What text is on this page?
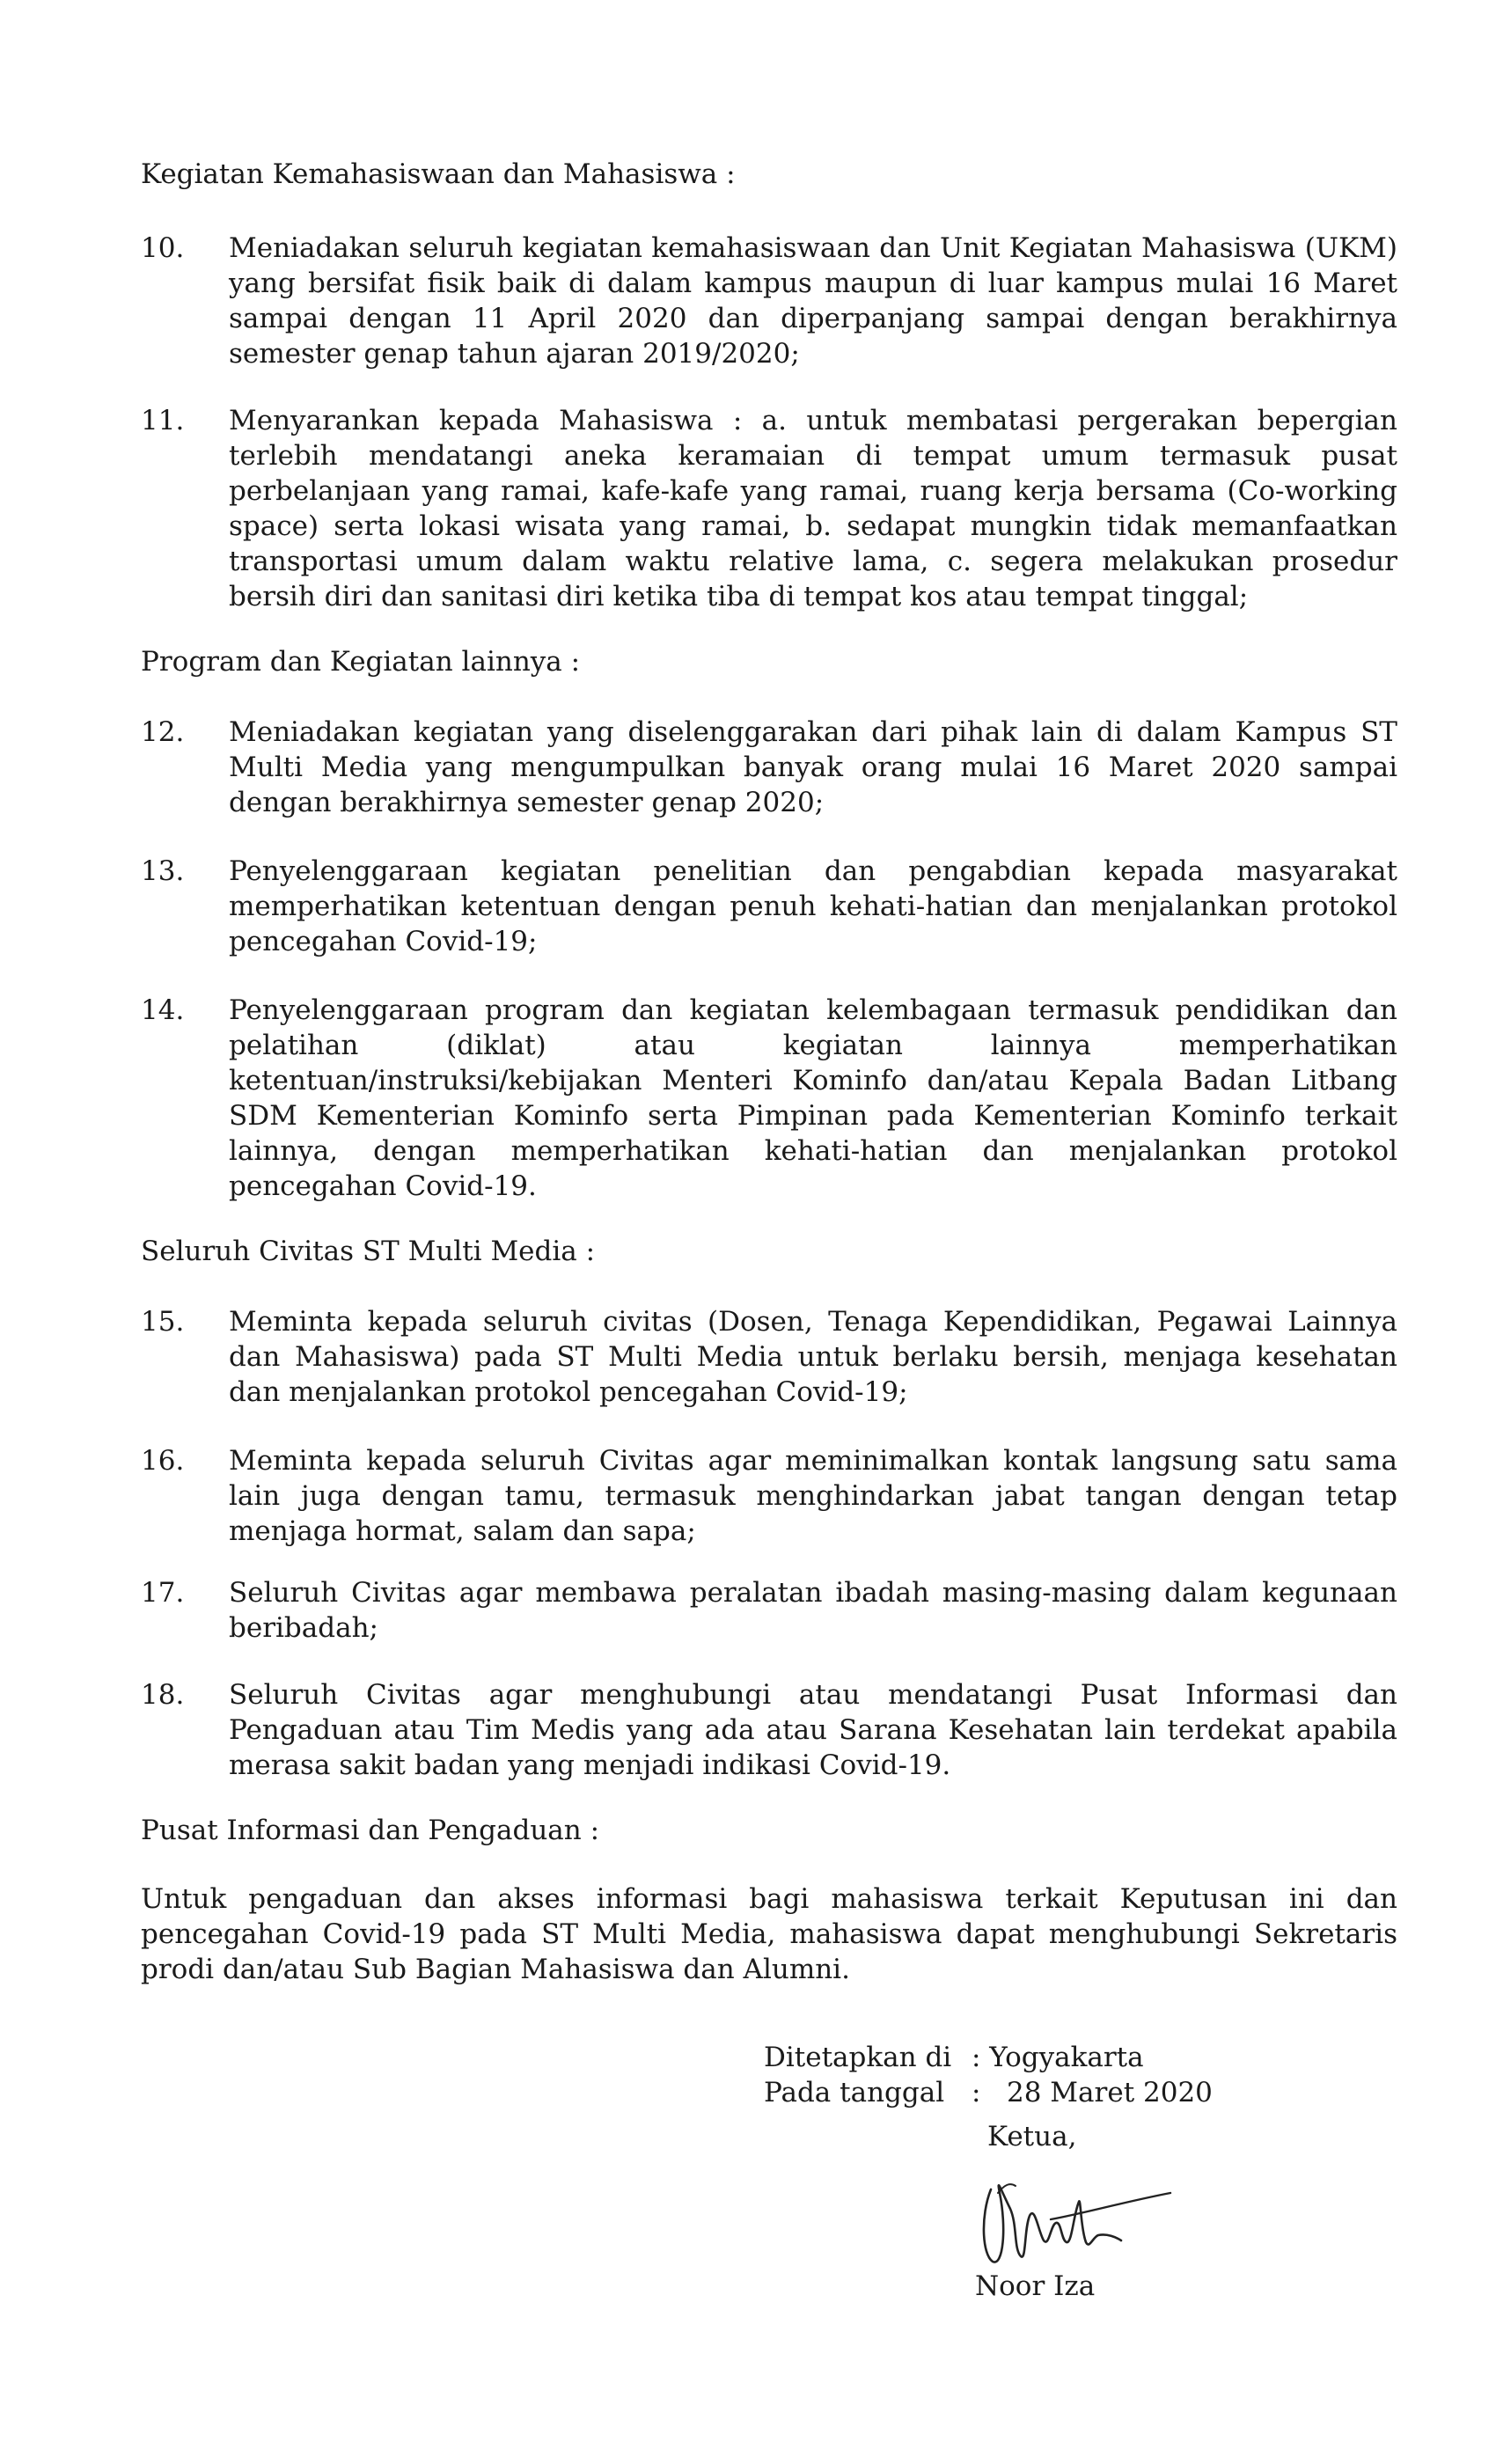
Kegiatan Kemahasiswaan dan Mahasiswa :
10.	Meniadakan seluruh kegiatan kemahasiswaan dan Unit Kegiatan Mahasiswa (UKM) yang bersifat fisik baik di dalam kampus maupun di luar kampus mulai 16 Maret sampai dengan 11 April 2020 dan diperpanjang sampai dengan berakhirnya semester genap tahun ajaran 2019/2020;
11.	Menyarankan kepada Mahasiswa : a. untuk membatasi pergerakan bepergian terlebih mendatangi aneka keramaian di tempat umum termasuk pusat perbelanjaan yang ramai, kafe-kafe yang ramai, ruang kerja bersama (Co-working space) serta lokasi wisata yang ramai, b. sedapat mungkin tidak memanfaatkan transportasi umum dalam waktu relative lama, c. segera melakukan prosedur bersih diri dan sanitasi diri ketika tiba di tempat kos atau tempat tinggal;
Program dan Kegiatan lainnya :
12.	Meniadakan kegiatan yang diselenggarakan dari pihak lain di dalam Kampus ST Multi Media yang mengumpulkan banyak orang mulai 16 Maret 2020 sampai dengan berakhirnya semester genap 2020;
13.	Penyelenggaraan kegiatan penelitian dan pengabdian kepada masyarakat memperhatikan ketentuan dengan penuh kehati-hatian dan menjalankan protokol pencegahan Covid-19;
14.	Penyelenggaraan program dan kegiatan kelembagaan termasuk pendidikan dan pelatihan (diklat) atau kegiatan lainnya memperhatikan ketentuan/instruksi/kebijakan Menteri Kominfo dan/atau Kepala Badan Litbang SDM Kementerian Kominfo serta Pimpinan pada Kementerian Kominfo terkait lainnya, dengan memperhatikan kehati-hatian dan menjalankan protokol pencegahan Covid-19.
Seluruh Civitas ST Multi Media :
15.	Meminta kepada seluruh civitas (Dosen, Tenaga Kependidikan, Pegawai Lainnya dan Mahasiswa) pada ST Multi Media untuk berlaku bersih, menjaga kesehatan dan menjalankan protokol pencegahan Covid-19;
16.	Meminta kepada seluruh Civitas agar meminimalkan kontak langsung satu sama lain juga dengan tamu, termasuk menghindarkan jabat tangan dengan tetap menjaga hormat, salam dan sapa;
17.	Seluruh Civitas agar membawa peralatan ibadah masing-masing dalam kegunaan beribadah;
18.	Seluruh Civitas agar menghubungi atau mendatangi Pusat Informasi dan Pengaduan atau Tim Medis yang ada atau Sarana Kesehatan lain terdekat apabila merasa sakit badan yang menjadi indikasi Covid-19.
Pusat Informasi dan Pengaduan :
Untuk pengaduan dan akses informasi bagi mahasiswa terkait Keputusan ini dan pencegahan Covid-19 pada ST Multi Media, mahasiswa dapat menghubungi Sekretaris prodi dan/atau Sub Bagian Mahasiswa dan Alumni.
Ditetapkan di : Yogyakarta
Pada tanggal :   28 Maret 2020
Ketua,
Noor Iza
